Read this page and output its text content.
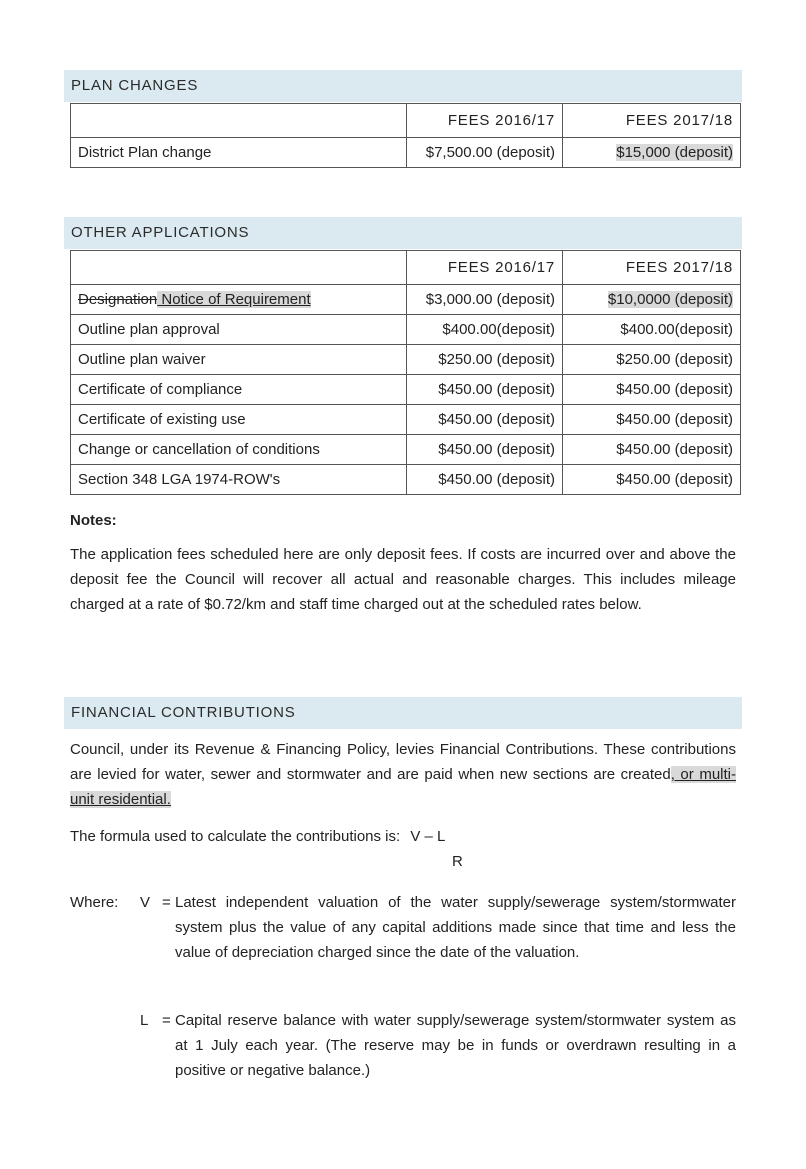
PLAN CHANGES
	FEES 2016/17	FEES 2017/18
District Plan change	$7,500.00 (deposit)	$15,000 (deposit)
OTHER APPLICATIONS
	FEES 2016/17	FEES 2017/18
Designation Notice of Requirement	$3,000.00 (deposit)	$10,0000 (deposit)
Outline plan approval	$400.00(deposit)	$400.00(deposit)
Outline plan waiver	$250.00 (deposit)	$250.00 (deposit)
Certificate of compliance	$450.00 (deposit)	$450.00 (deposit)
Certificate of existing use	$450.00 (deposit)	$450.00 (deposit)
Change or cancellation of conditions	$450.00 (deposit)	$450.00 (deposit)
Section 348 LGA 1974-ROW's	$450.00 (deposit)	$450.00 (deposit)
Notes:

The application fees scheduled here are only deposit fees. If costs are incurred over and above the deposit fee the Council will recover all actual and reasonable charges. This includes mileage charged at a rate of $0.72/km and staff time charged out at the scheduled rates below.

FINANCIAL CONTRIBUTIONS

Council, under its Revenue & Financing Policy, levies Financial Contributions. These contributions are levied for water, sewer and stormwater and are paid when new sections are created, or multi-unit residential.

The formula used to calculate the contributions is: V – L
R
Where: V = Latest independent valuation of the water supply/sewerage system/stormwater system plus the value of any capital additions made since that time and less the value of depreciation charged since the date of the valuation.

L = Capital reserve balance with water supply/sewerage system/stormwater system as at 1 July each year. (The reserve may be in funds or overdrawn resulting in a positive or negative balance.)
